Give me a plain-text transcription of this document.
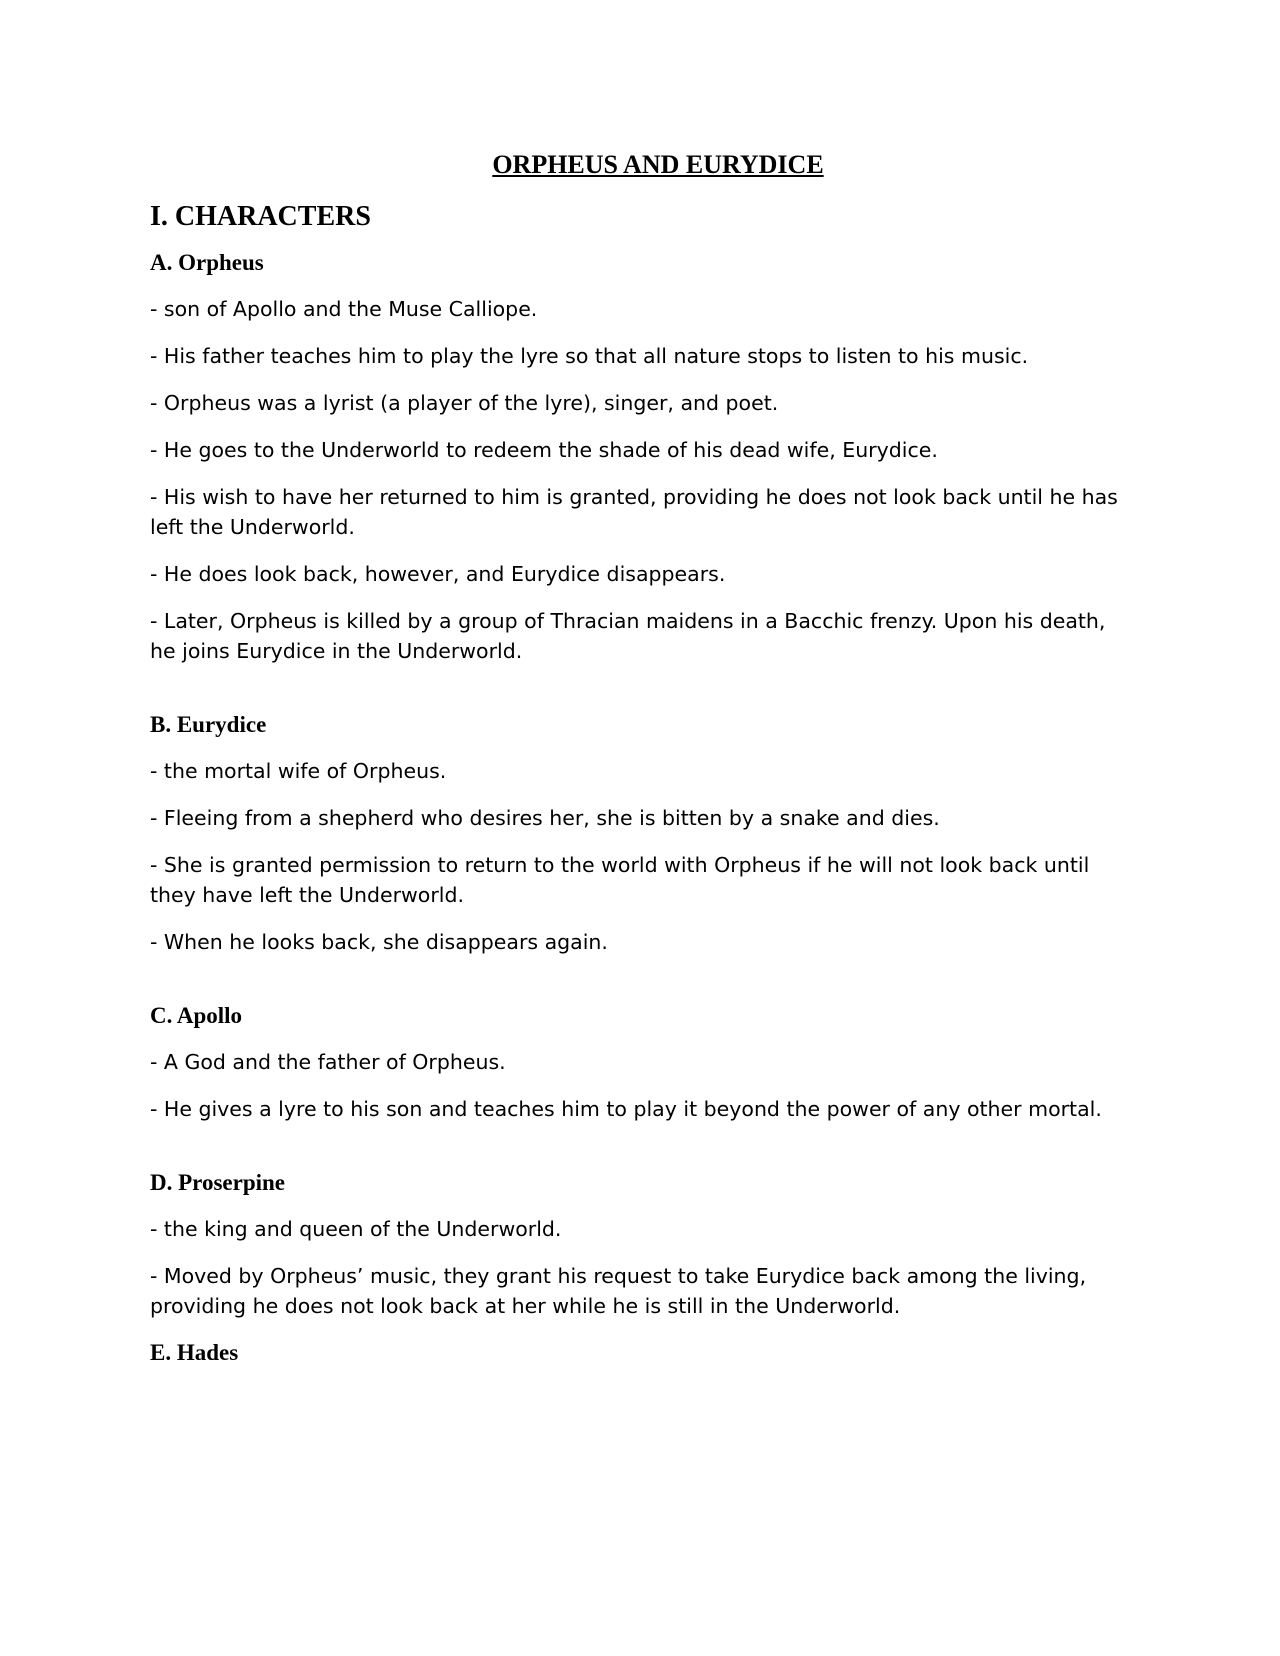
ORPHEUS AND EURYDICE
I. CHARACTERS
A. Orpheus
- son of Apollo and the Muse Calliope.
- His father teaches him to play the lyre so that all nature stops to listen to his music.
- Orpheus was a lyrist (a player of the lyre), singer, and poet.
- He goes to the Underworld to redeem the shade of his dead wife, Eurydice.
- His wish to have her returned to him is granted, providing he does not look back until he has left the Underworld.
- He does look back, however, and Eurydice disappears.
- Later, Orpheus is killed by a group of Thracian maidens in a Bacchic frenzy. Upon his death, he joins Eurydice in the Underworld.
B. Eurydice
- the mortal wife of Orpheus.
- Fleeing from a shepherd who desires her, she is bitten by a snake and dies.
- She is granted permission to return to the world with Orpheus if he will not look back until they have left the Underworld.
- When he looks back, she disappears again.
C. Apollo
- A God and the father of Orpheus.
- He gives a lyre to his son and teaches him to play it beyond the power of any other mortal.
D. Proserpine
- the king and queen of the Underworld.
- Moved by Orpheus’ music, they grant his request to take Eurydice back among the living, providing he does not look back at her while he is still in the Underworld.
E. Hades
